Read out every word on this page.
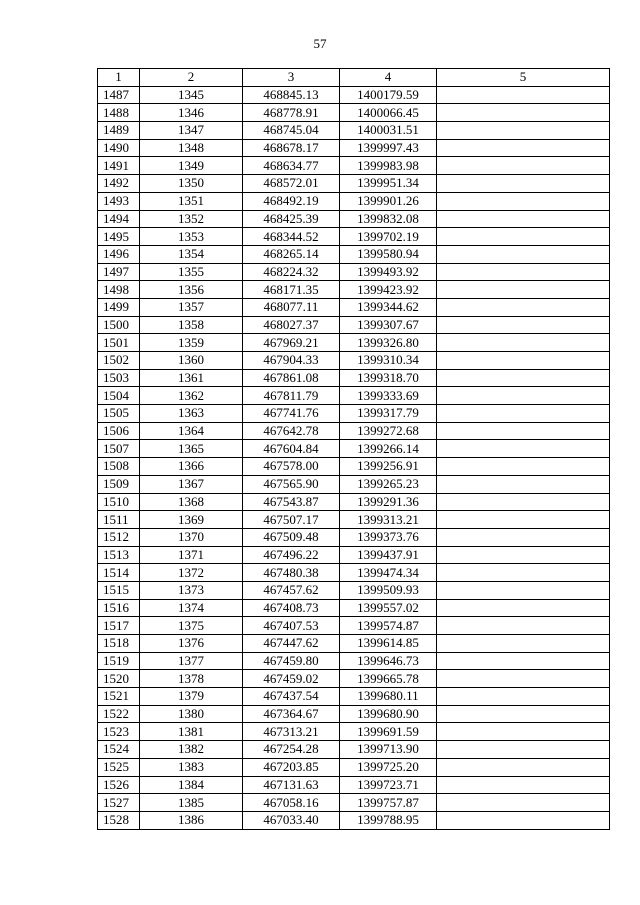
57
1	2	3	4	5
1487	1345	468845.13	1400179.59	
1488	1346	468778.91	1400066.45	
1489	1347	468745.04	1400031.51	
1490	1348	468678.17	1399997.43	
1491	1349	468634.77	1399983.98	
1492	1350	468572.01	1399951.34	
1493	1351	468492.19	1399901.26	
1494	1352	468425.39	1399832.08	
1495	1353	468344.52	1399702.19	
1496	1354	468265.14	1399580.94	
1497	1355	468224.32	1399493.92	
1498	1356	468171.35	1399423.92	
1499	1357	468077.11	1399344.62	
1500	1358	468027.37	1399307.67	
1501	1359	467969.21	1399326.80	
1502	1360	467904.33	1399310.34	
1503	1361	467861.08	1399318.70	
1504	1362	467811.79	1399333.69	
1505	1363	467741.76	1399317.79	
1506	1364	467642.78	1399272.68	
1507	1365	467604.84	1399266.14	
1508	1366	467578.00	1399256.91	
1509	1367	467565.90	1399265.23	
1510	1368	467543.87	1399291.36	
1511	1369	467507.17	1399313.21	
1512	1370	467509.48	1399373.76	
1513	1371	467496.22	1399437.91	
1514	1372	467480.38	1399474.34	
1515	1373	467457.62	1399509.93	
1516	1374	467408.73	1399557.02	
1517	1375	467407.53	1399574.87	
1518	1376	467447.62	1399614.85	
1519	1377	467459.80	1399646.73	
1520	1378	467459.02	1399665.78	
1521	1379	467437.54	1399680.11	
1522	1380	467364.67	1399680.90	
1523	1381	467313.21	1399691.59	
1524	1382	467254.28	1399713.90	
1525	1383	467203.85	1399725.20	
1526	1384	467131.63	1399723.71	
1527	1385	467058.16	1399757.87	
1528	1386	467033.40	1399788.95	
